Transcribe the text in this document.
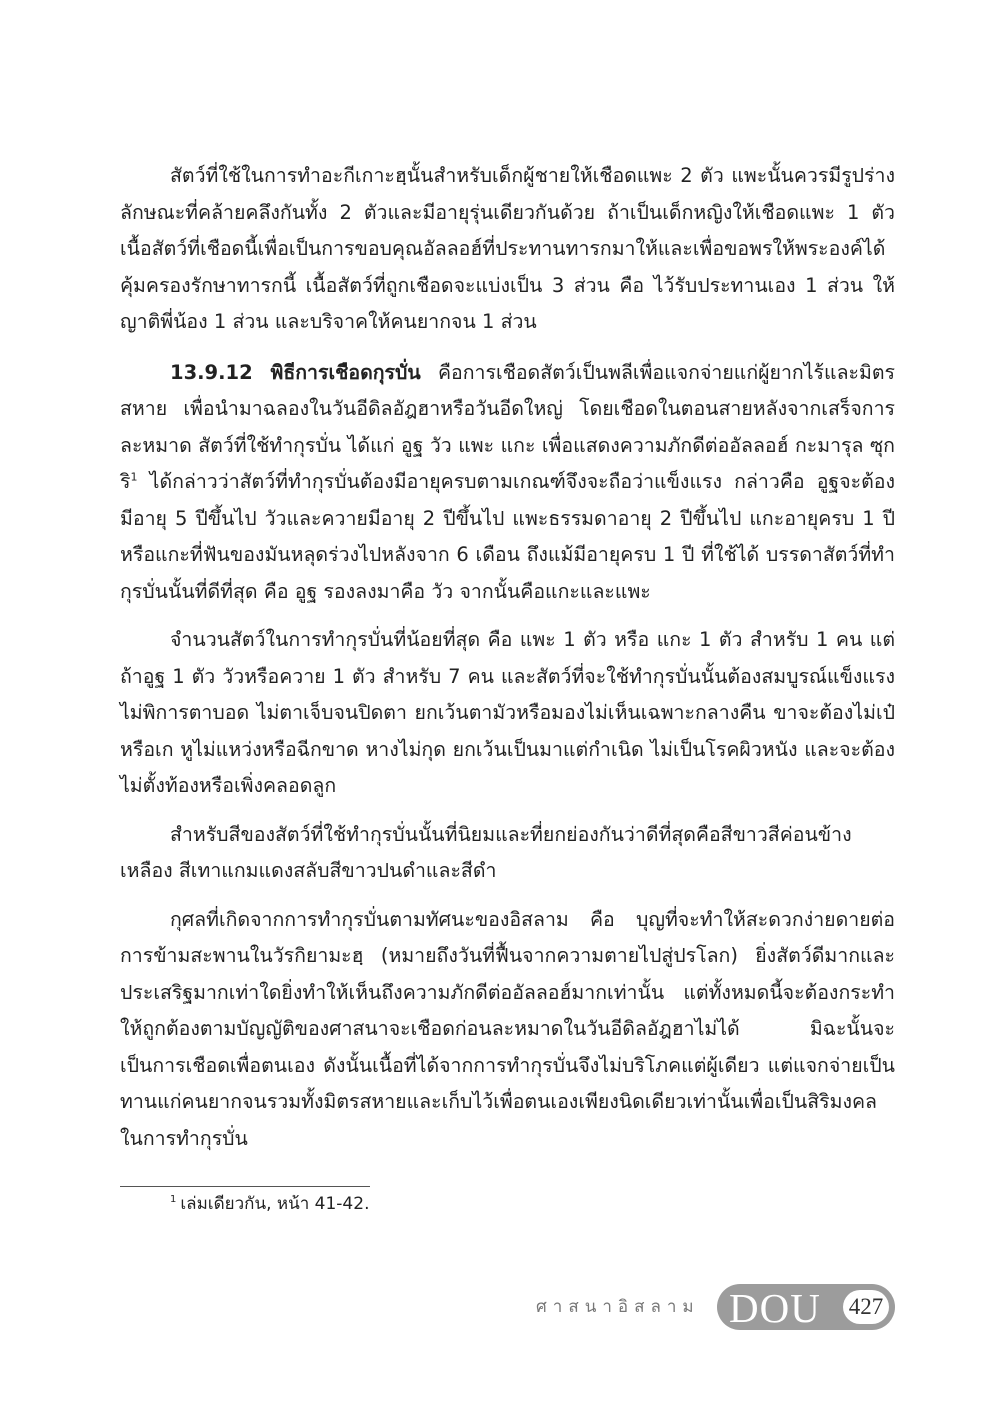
สัตว์ที่ใช้ในการทำอะกีเกาะฮฺนั้นสำหรับเด็กผู้ชายให้เชือดแพะ 2 ตัว แพะนั้นควรมีรูปร่างลักษณะที่คล้ายคลึงกันทั้ง 2 ตัวและมีอายุรุ่นเดียวกันด้วย ถ้าเป็นเด็กหญิงให้เชือดแพะ 1 ตัว เนื้อสัตว์ที่เชือดนี้เพื่อเป็นการขอบคุณอัลลอฮ์ที่ประทานทารกมาให้และเพื่อขอพรให้พระองค์ได้คุ้มครองรักษาทารกนี้ เนื้อสัตว์ที่ถูกเชือดจะแบ่งเป็น 3 ส่วน คือ ไว้รับประทานเอง 1 ส่วน ให้ญาติพี่น้อง 1 ส่วน และบริจาคให้คนยากจน 1 ส่วน

13.9.12 พิธีการเชือดกุรบั่น คือการเชือดสัตว์เป็นพลีเพื่อแจกจ่ายแก่ผู้ยากไร้และมิตรสหาย เพื่อนำมาฉลองในวันอีดิลอัฎฮาหรือวันอีดใหญ่ โดยเชือดในตอนสายหลังจากเสร็จการละหมาด สัตว์ที่ใช้ทำกุรบั่น ได้แก่ อูฐ วัว แพะ แกะ เพื่อแสดงความภักดีต่ออัลลอฮ์ กะมารุล ซุกริ$^1$ ได้กล่าวว่าสัตว์ที่ทำกุรบั่นต้องมีอายุครบตามเกณฑ์จึงจะถือว่าแข็งแรง กล่าวคือ อูฐจะต้องมีอายุ 5 ปีขึ้นไป วัวและควายมีอายุ 2 ปีขึ้นไป แพะธรรมดาอายุ 2 ปีขึ้นไป แกะอายุครบ 1 ปี หรือแกะที่ฟันของมันหลุดร่วงไปหลังจาก 6 เดือน ถึงแม้มีอายุครบ 1 ปี ที่ใช้ได้ บรรดาสัตว์ที่ทำกุรบั่นนั้นที่ดีที่สุด คือ อูฐ รองลงมาคือ วัว จากนั้นคือแกะและแพะ

จำนวนสัตว์ในการทำกุรบั่นที่น้อยที่สุด คือ แพะ 1 ตัว หรือ แกะ 1 ตัว สำหรับ 1 คน แต่ถ้าอูฐ 1 ตัว วัวหรือควาย 1 ตัว สำหรับ 7 คน และสัตว์ที่จะใช้ทำกุรบั่นนั้นต้องสมบูรณ์แข็งแรง ไม่พิการตาบอด ไม่ตาเจ็บจนปิดตา ยกเว้นตามัวหรือมองไม่เห็นเฉพาะกลางคืน ขาจะต้องไม่เป๋หรือเก หูไม่แหว่งหรือฉีกขาด หางไม่กุด ยกเว้นเป็นมาแต่กำเนิด ไม่เป็นโรคผิวหนัง และจะต้องไม่ตั้งท้องหรือเพิ่งคลอดลูก

สำหรับสีของสัตว์ที่ใช้ทำกุรบั่นนั้นที่นิยมและที่ยกย่องกันว่าดีที่สุดคือสีขาวสีค่อนข้างเหลือง สีเทาแกมแดงสลับสีขาวปนดำและสีดำ

กุศลที่เกิดจากการทำกุรบั่นตามทัศนะของอิสลาม คือ บุญที่จะทำให้สะดวกง่ายดายต่อการข้ามสะพานในวัรกิยามะฮฺ (หมายถึงวันที่ฟื้นจากความตายไปสู่ปรโลก) ยิ่งสัตว์ดีมากและประเสริฐมากเท่าใดยิ่งทำให้เห็นถึงความภักดีต่ออัลลอฮ์มากเท่านั้น แต่ทั้งหมดนี้จะต้องกระทำให้ถูกต้องตามบัญญัติของศาสนาจะเชือดก่อนละหมาดในวันอีดิลอัฎฮาไม่ได้ มิฉะนั้นจะเป็นการเชือดเพื่อตนเอง ดังนั้นเนื้อที่ได้จากการทำกุรบั่นจึงไม่บริโภคแต่ผู้เดียว แต่แจกจ่ายเป็นทานแก่คนยากจนรวมทั้งมิตรสหายและเก็บไว้เพื่อตนเองเพียงนิดเดียวเท่านั้นเพื่อเป็นสิริมงคลในการทำกุรบั่น

$^1$ เล่มเดียวกัน, หน้า 41-42.
ศาสนาอิสลาม DOU 427
